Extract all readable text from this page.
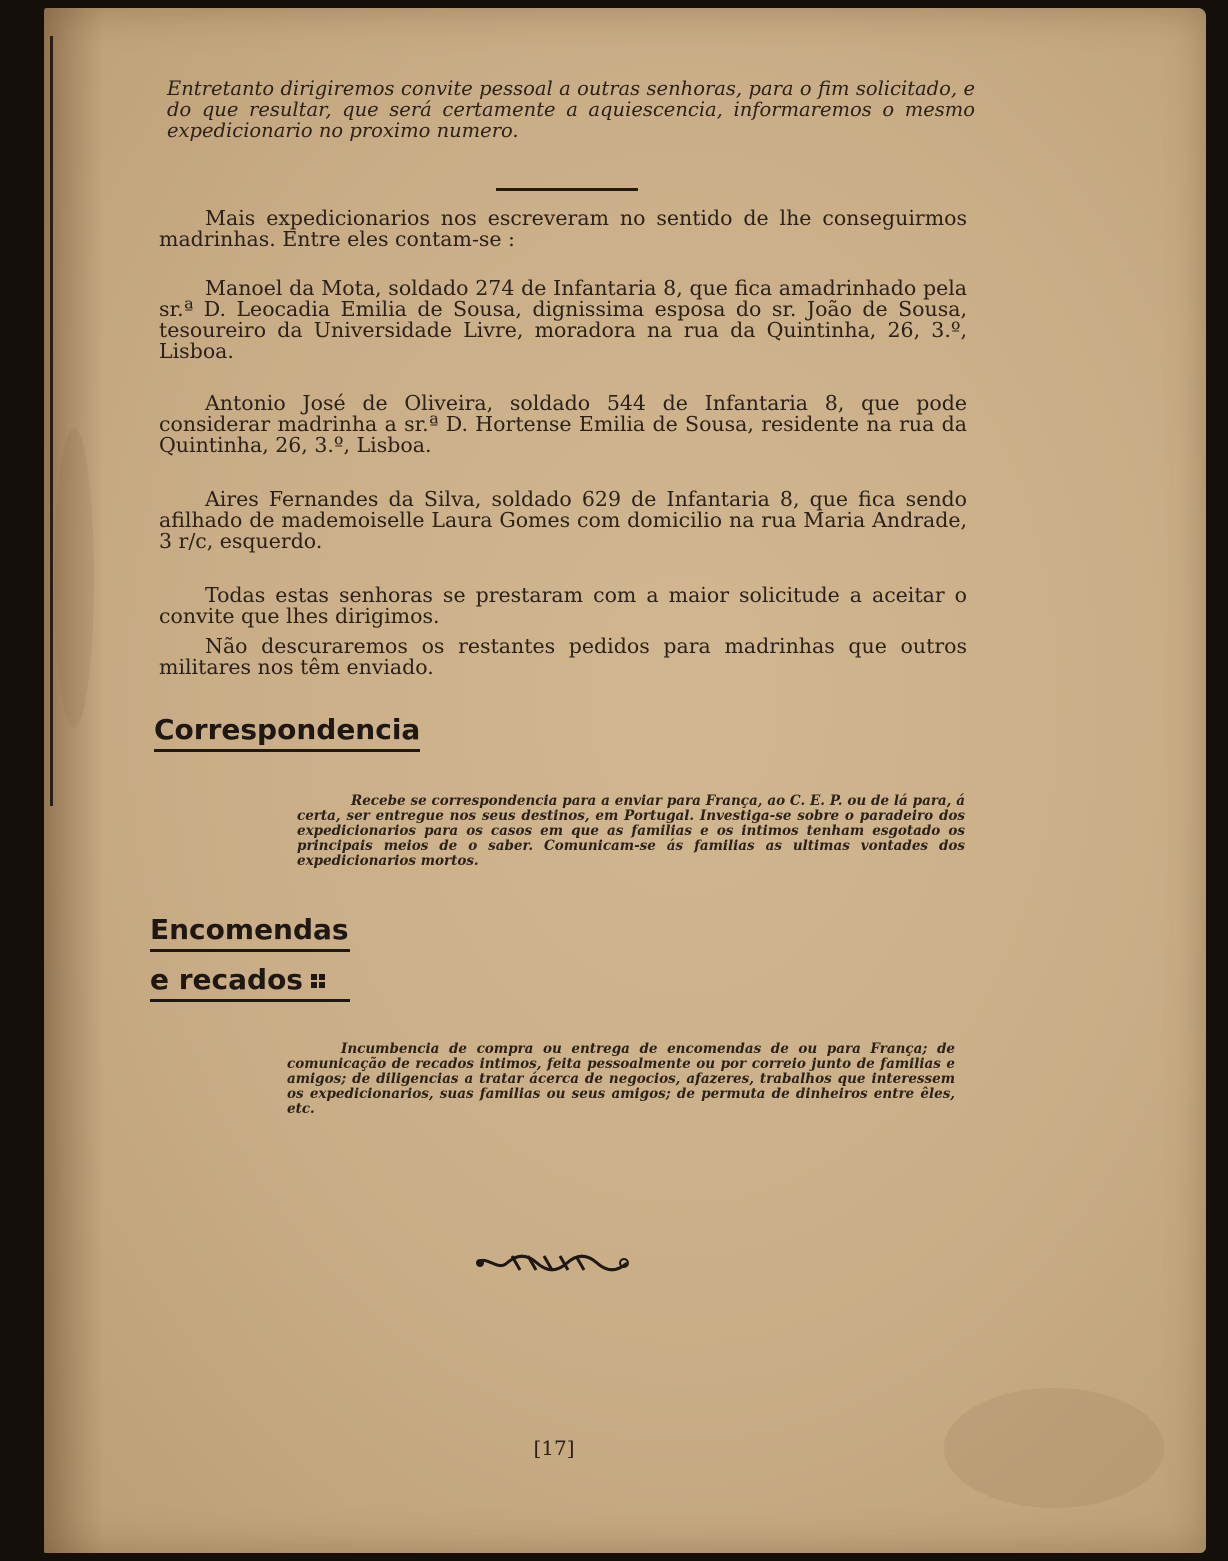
Entretanto dirigiremos convite pessoal a outras senhoras, para o fim solicitado, e do que resultar, que será certamente a aquiescencia, informaremos o mesmo expedicionario no proximo numero.

Mais expedicionarios nos escreveram no sentido de lhe conseguirmos madrinhas. Entre eles contam-se :

Manoel da Mota, soldado 274 de Infantaria 8, que fica amadrinhado pela sr.ª D. Leocadia Emilia de Sousa, dignissima esposa do sr. João de Sousa, tesoureiro da Universidade Livre, moradora na rua da Quintinha, 26, 3.º, Lisboa.

Antonio José de Oliveira, soldado 544 de Infantaria 8, que pode considerar madrinha a sr.ª D. Hortense Emilia de Sousa, residente na rua da Quintinha, 26, 3.º, Lisboa.

Aires Fernandes da Silva, soldado 629 de Infantaria 8, que fica sendo afilhado de mademoiselle Laura Gomes com domicilio na rua Maria Andrade, 3 r/c, esquerdo.

Todas estas senhoras se prestaram com a maior solicitude a aceitar o convite que lhes dirigimos.

Não descuraremos os restantes pedidos para madrinhas que outros militares nos têm enviado.

Correspondencia

Recebe se correspondencia para a enviar para França, ao C. E. P. ou de lá para, á certa, ser entregue nos seus destinos, em Portugal. Investiga-se sobre o paradeiro dos expedicionarios para os casos em que as familias e os intimos tenham esgotado os principais meios de o saber. Comunicam-se ás familias as ultimas vontades dos expedicionarios mortos.

Encomendas
e recados

Incumbencia de compra ou entrega de encomendas de ou para França; de comunicação de recados intimos, feita pessoalmente ou por correio junto de familias e amigos; de diligencias a tratar ácerca de negocios, afazeres, trabalhos que interessem os expedicionarios, suas familias ou seus amigos; de permuta de dinheiros entre êles, etc.

[17]
